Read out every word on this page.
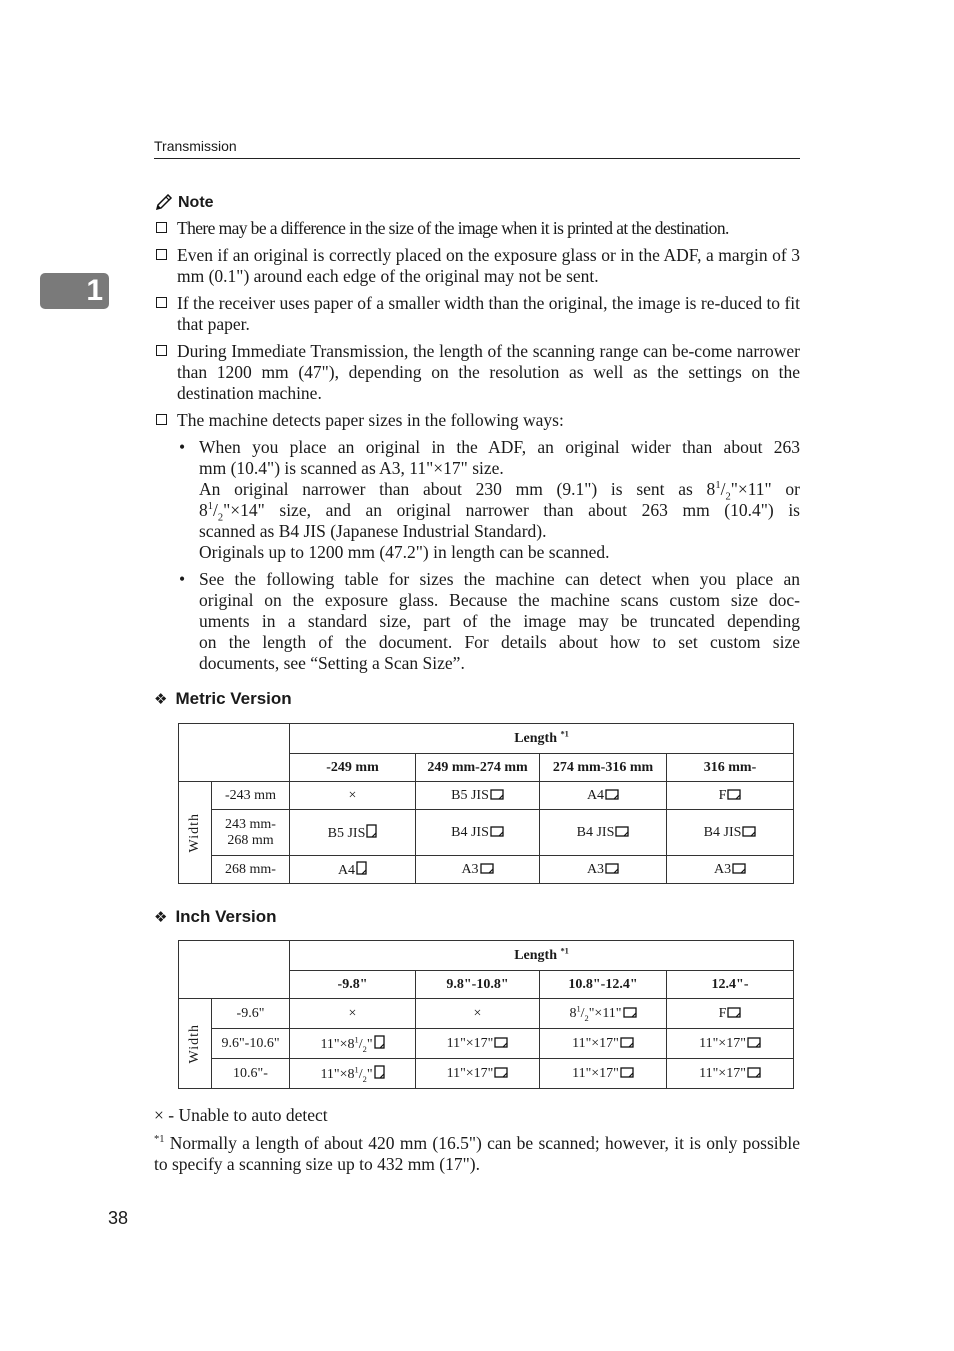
Transmission
1
Note
There may be a difference in the size of the image when it is printed at the destination.
Even if an original is correctly placed on the exposure glass or in the ADF, a margin of 3 mm (0.1") around each edge of the original may not be sent.
If the receiver uses paper of a smaller width than the original, the image is re-duced to fit that paper.
During Immediate Transmission, the length of the scanning range can be-come narrower than 1200 mm (47"), depending on the resolution as well as the settings on the destination machine.
The machine detects paper sizes in the following ways:
• When you place an original in the ADF, an original wider than about 263
mm (10.4") is scanned as A3, 11"×17" size.
An original narrower than about 230 mm (9.1") is sent as $8^1/_2"\times 11$" or
$8^1/_2"\times 14$" size, and an original narrower than about 263 mm (10.4") is
scanned as B4 JIS (Japanese Industrial Standard).
Originals up to 1200 mm (47.2") in length can be scanned.
• See the following table for sizes the machine can detect when you place an
original on the exposure glass. Because the machine scans custom size doc-
uments in a standard size, part of the image may be truncated depending
on the length of the document. For details about how to set custom size
documents, see “Setting a Scan Size”.
❖ Metric Version
		Length $^{*1}$
		-249 mm	249 mm-274 mm	274 mm-316 mm	316 mm-

Width	-243 mm	×	B5 JIS	A4	F
	243 mm-
268 mm	B5 JIS	B4 JIS	B4 JIS	B4 JIS
	268 mm-	A4	A3	A3	A3
❖ Inch Version
		Length $^{*1}$
		-9.8"	9.8"-10.8"	10.8"-12.4"	12.4"-

Width	-9.6"	×	×	$8^1/_2"\times 11$"	F
	9.6"-10.6"	$11"\times 8^1/_2$"	11"×17"	11"×17"	11"×17"
	10.6"-	$11"\times 8^1/_2$"	11"×17"	11"×17"	11"×17"
× - Unable to auto detect
$^{*1}$ Normally a length of about 420 mm (16.5") can be scanned; however, it is only possible to specify a scanning size up to 432 mm (17").
38
